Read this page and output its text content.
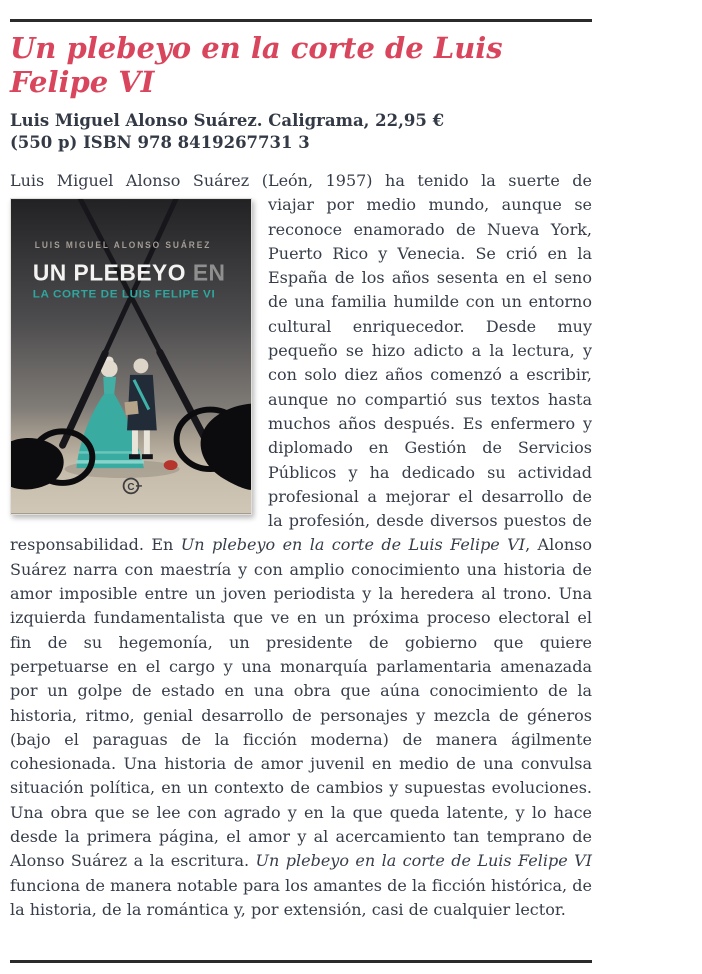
Un plebeyo en la corte de Luis Felipe VI
Luis Miguel Alonso Suárez. Caligrama, 22,95 €
(550 p) ISBN 978 8419267731 3
Luis Miguel Alonso Suárez (León, 1957) ha tenido la suerte de
LUIS MIGUEL ALONSO SUÁREZ
UN PLEBEYO EN
LA CORTE DE LUIS FELIPE VI
C
viajar por medio mundo, aunque se reconoce enamorado de Nueva York, Puerto Rico y Venecia. Se crió en la España de los años sesenta en el seno de una familia humilde con un entorno cultural enriquecedor. Desde muy pequeño se hizo adicto a la lectura, y con solo diez años comenzó a escribir, aunque no compartió sus textos hasta muchos años después. Es enfermero y diplomado en Gestión de Servicios Públicos y ha dedicado su actividad profesional a mejorar el desarrollo de la profesión, desde diversos puestos de responsabilidad. En Un plebeyo en la corte de Luis Felipe VI, Alonso Suárez narra con maestría y con amplio conocimiento una historia de amor imposible entre un joven periodista y la heredera al trono. Una izquierda fundamentalista que ve en un próxima proceso electoral el fin de su hegemonía, un presidente de gobierno que quiere perpetuarse en el cargo y una monarquía parlamentaria amenazada por un golpe de estado en una obra que aúna conocimiento de la historia, ritmo, genial desarrollo de personajes y mezcla de géneros (bajo el paraguas de la ficción moderna) de manera ágilmente cohesionada. Una historia de amor juvenil en medio de una convulsa situación política, en un contexto de cambios y supuestas evoluciones. Una obra que se lee con agrado y en la que queda latente, y lo hace desde la primera página, el amor y al acercamiento tan temprano de Alonso Suárez a la escritura. Un plebeyo en la corte de Luis Felipe VI funciona de manera notable para los amantes de la ficción histórica, de la historia, de la romántica y, por extensión, casi de cualquier lector.
